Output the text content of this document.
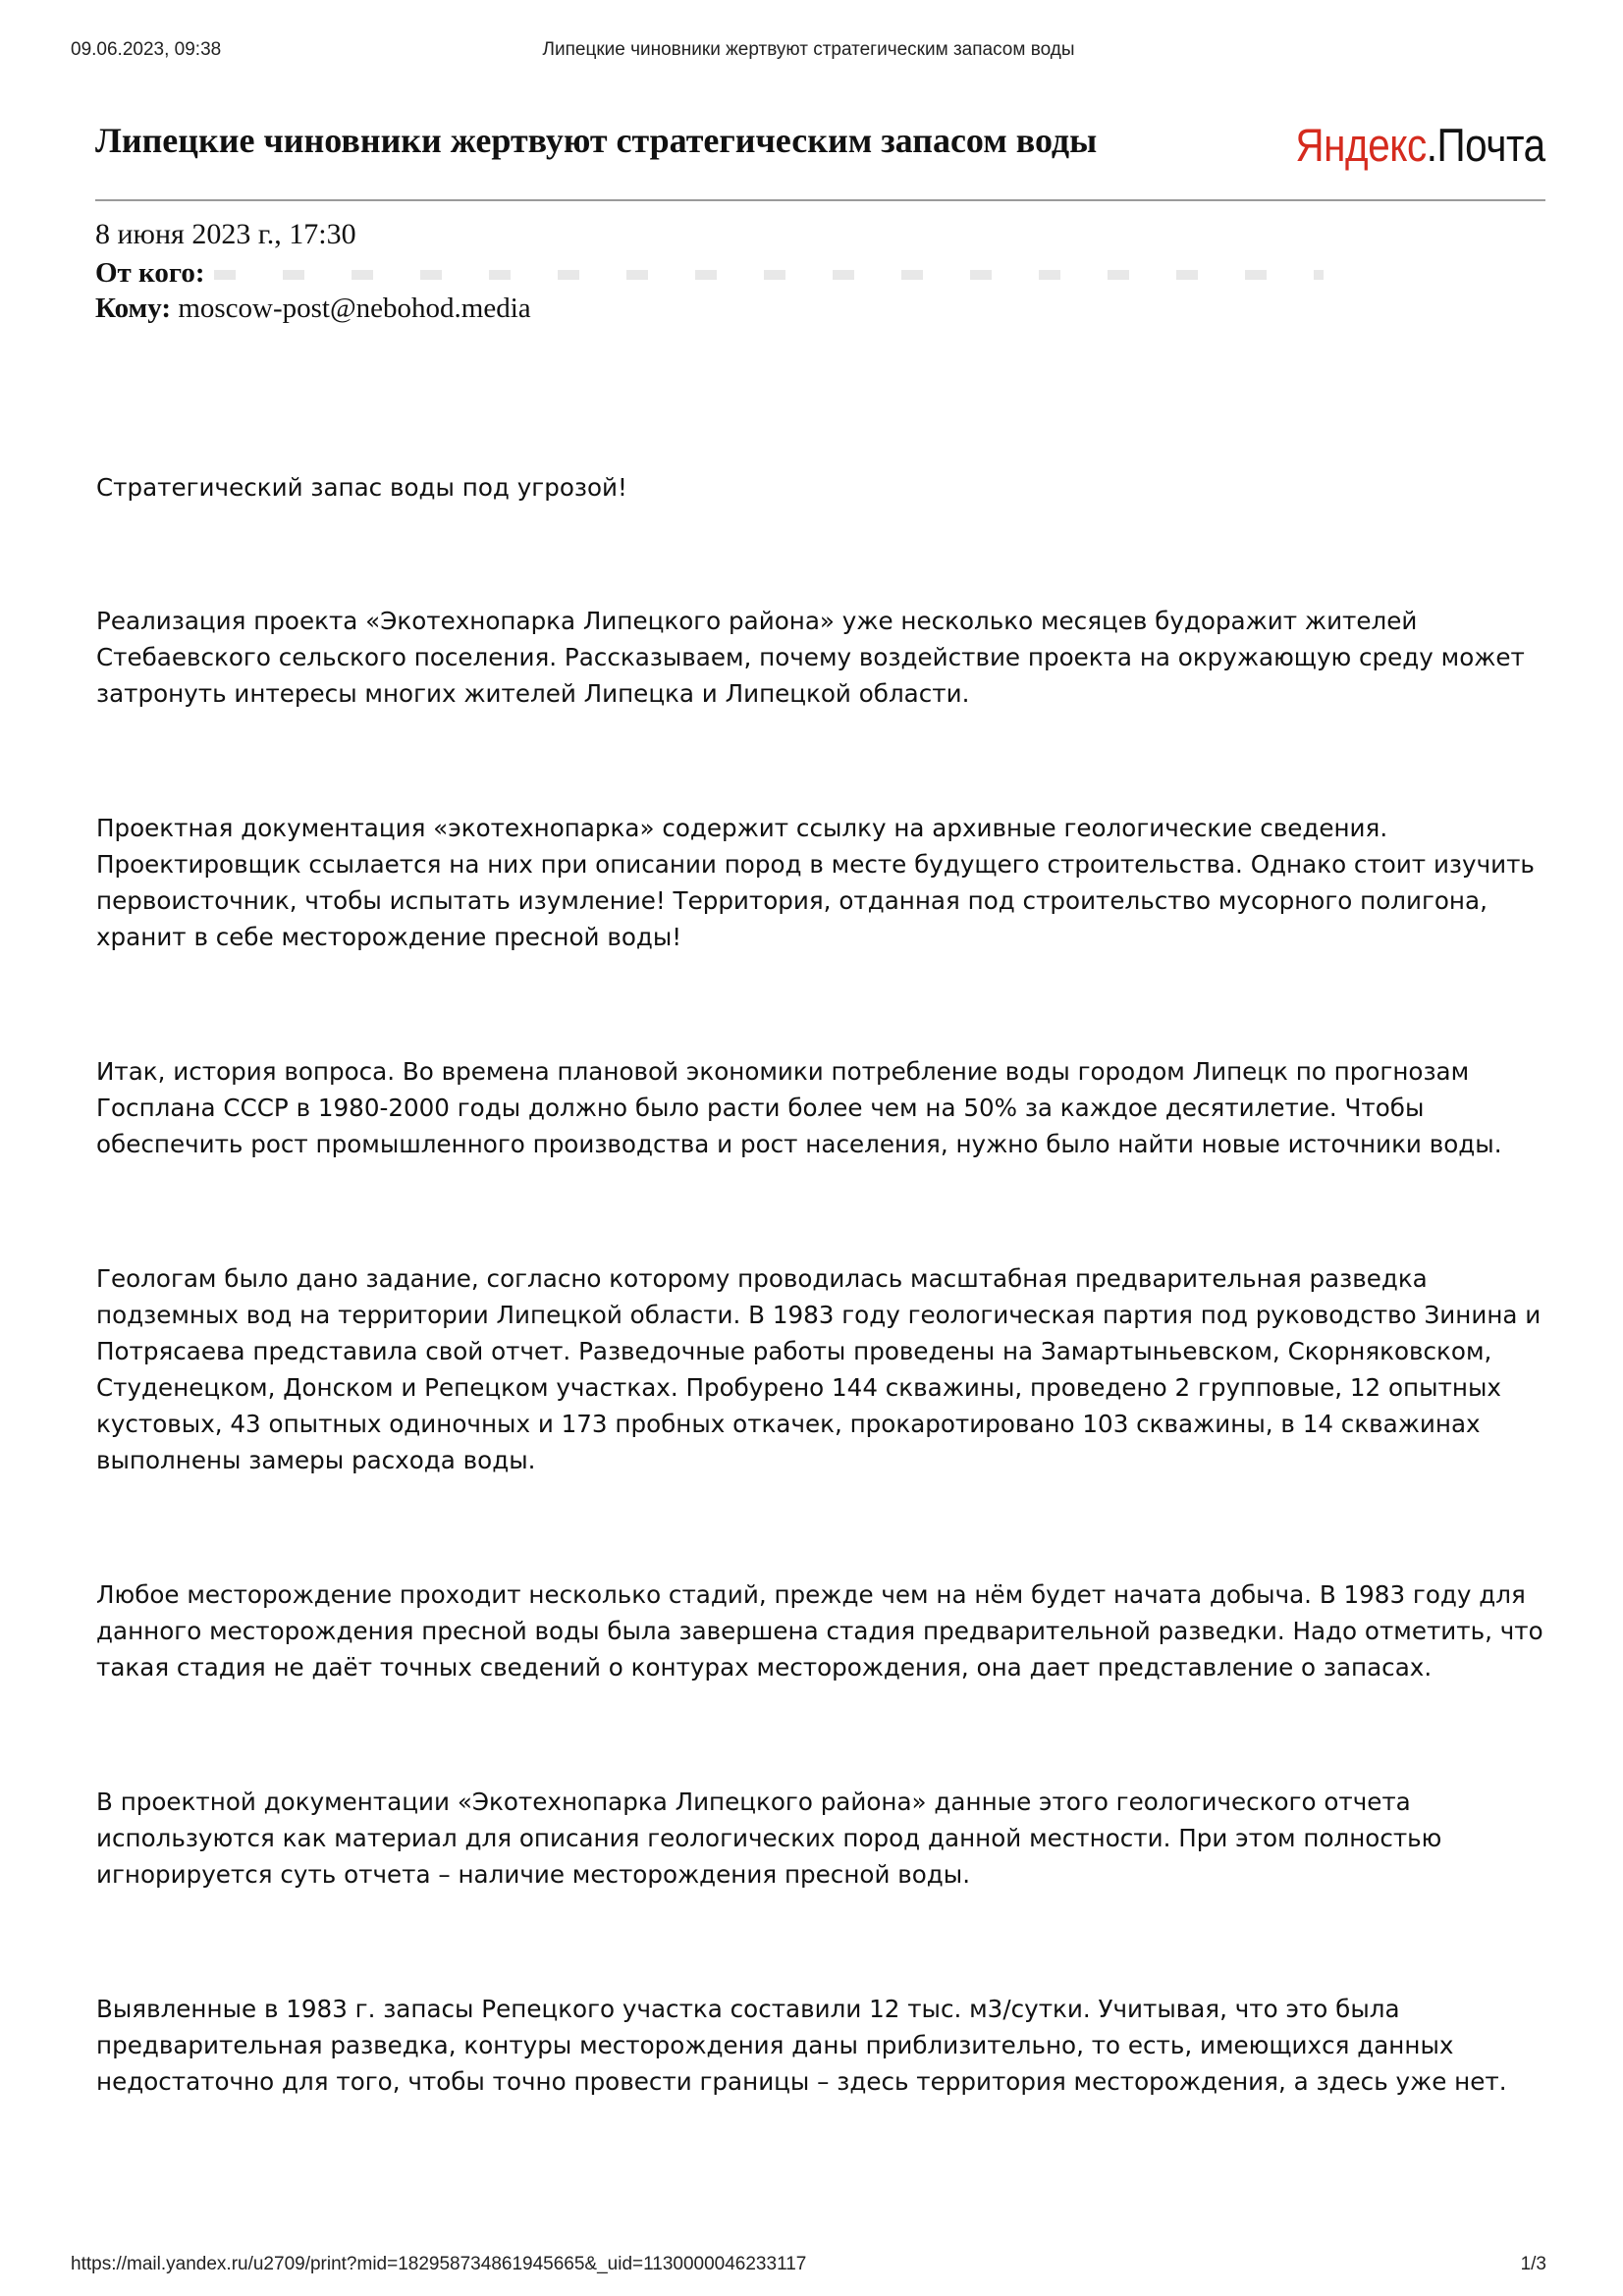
09.06.2023, 09:38	Липецкие чиновники жертвуют стратегическим запасом воды
Липецкие чиновники жертвуют стратегическим запасом воды	Яндекс.Почта
8 июня 2023 г., 17:30
От кого:
Кому: moscow-post@nebohod.media

Стратегический запас воды под угрозой!

Реализация проекта «Экотехнопарка Липецкого района» уже несколько месяцев будоражит жителей Стебаевского сельского поселения. Рассказываем, почему воздействие проекта на окружающую среду может затронуть интересы многих жителей Липецка и Липецкой области.

Проектная документация «экотехнопарка» содержит ссылку на архивные геологические сведения. Проектировщик ссылается на них при описании пород в месте будущего строительства. Однако стоит изучить первоисточник, чтобы испытать изумление! Территория, отданная под строительство мусорного полигона, хранит в себе месторождение пресной воды!

Итак, история вопроса. Во времена плановой экономики потребление воды городом Липецк по прогнозам Госплана СССР в 1980-2000 годы должно было расти более чем на 50% за каждое десятилетие. Чтобы обеспечить рост промышленного производства и рост населения, нужно было найти новые источники воды.

Геологам было дано задание, согласно которому проводилась масштабная предварительная разведка подземных вод на территории Липецкой области. В 1983 году геологическая партия под руководство Зинина и Потрясаева представила свой отчет. Разведочные работы проведены на Замартыньевском, Скорняковском, Студенецком, Донском и Репецком участках. Пробурено 144 скважины, проведено 2 групповые, 12 опытных кустовых, 43 опытных одиночных и 173 пробных откачек, прокаротировано 103 скважины, в 14 скважинах выполнены замеры расхода воды.

Любое месторождение проходит несколько стадий, прежде чем на нём будет начата добыча. В 1983 году для данного месторождения пресной воды была завершена стадия предварительной разведки. Надо отметить, что такая стадия не даёт точных сведений о контурах месторождения, она дает представление о запасах.

В проектной документации «Экотехнопарка Липецкого района» данные этого геологического отчета используются как материал для описания геологических пород данной местности. При этом полностью игнорируется суть отчета – наличие месторождения пресной воды.

Выявленные в 1983 г. запасы Репецкого участка составили 12 тыс. м3/сутки. Учитывая, что это была предварительная разведка, контуры месторождения даны приблизительно, то есть, имеющихся данных недостаточно для того, чтобы точно провести границы – здесь территория месторождения, а здесь уже нет.

https://mail.yandex.ru/u2709/print?mid=182958734861945665&_uid=1130000046233117	1/3
